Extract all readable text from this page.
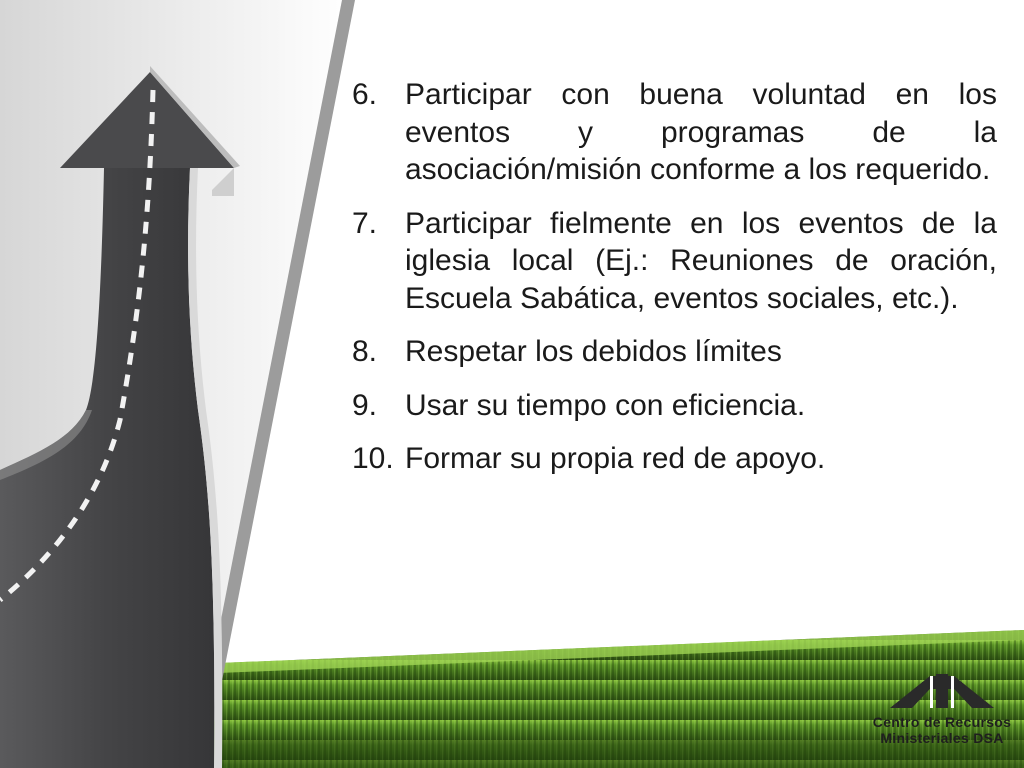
6. Participar con buena voluntad en los eventos y programas de la asociación/misión conforme a los requerido.
7. Participar fielmente en los eventos de la iglesia local (Ej.: Reuniones de oración, Escuela Sabática, eventos sociales, etc.).
8. Respetar los debidos límites
9. Usar su tiempo con eficiencia.
10. Formar su propia red de apoyo.
Centro de Recursos
Ministeriales DSA
